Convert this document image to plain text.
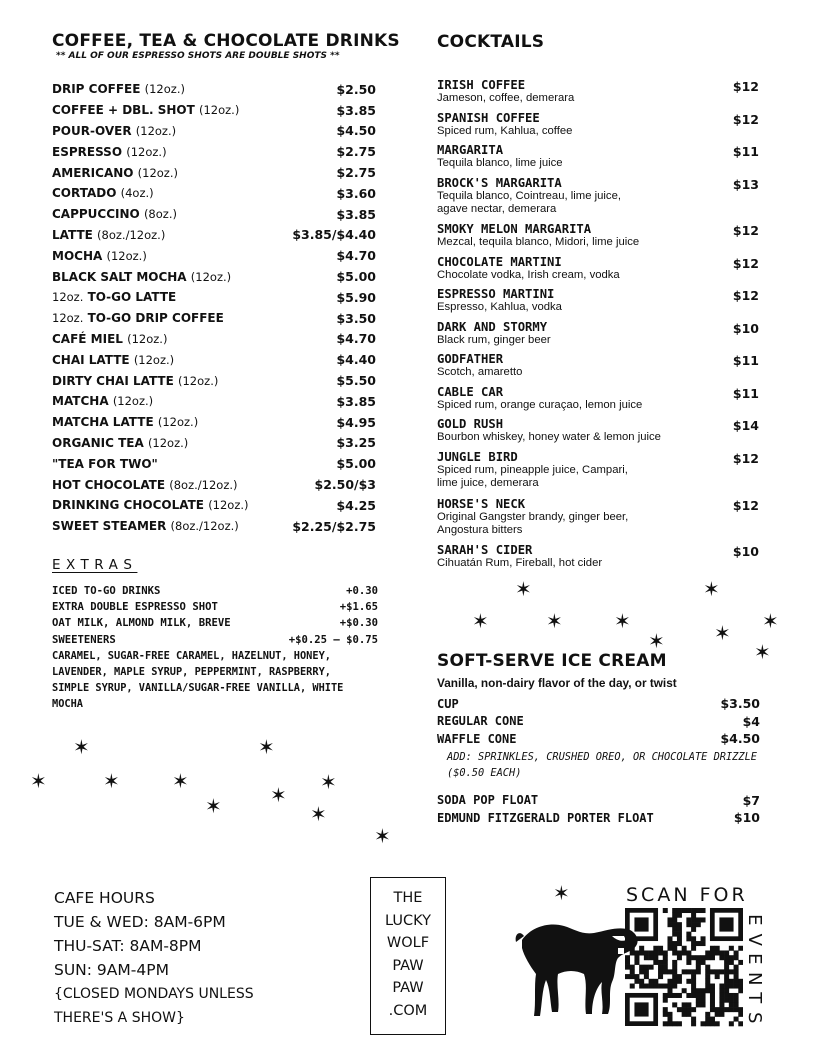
COFFEE, TEA & CHOCOLATE DRINKS
** ALL OF OUR ESPRESSO SHOTS ARE DOUBLE SHOTS **
DRIP COFFEE (12oz.)	$2.50
COFFEE + DBL. SHOT (12oz.)	$3.85
POUR-OVER (12oz.)	$4.50
ESPRESSO (12oz.)	$2.75
AMERICANO (12oz.)	$2.75
CORTADO (4oz.)	$3.60
CAPPUCCINO (8oz.)	$3.85
LATTE (8oz./12oz.)	$3.85/$4.40
MOCHA (12oz.)	$4.70
BLACK SALT MOCHA (12oz.)	$5.00
12oz. TO-GO LATTE	$5.90
12oz. TO-GO DRIP COFFEE	$3.50
CAFÉ MIEL (12oz.)	$4.70
CHAI LATTE (12oz.)	$4.40
DIRTY CHAI LATTE (12oz.)	$5.50
MATCHA (12oz.)	$3.85
MATCHA LATTE (12oz.)	$4.95
ORGANIC TEA (12oz.)	$3.25
"TEA FOR TWO"	$5.00
HOT CHOCOLATE (8oz./12oz.)	$2.50/$3
DRINKING CHOCOLATE (12oz.)	$4.25
SWEET STEAMER (8oz./12oz.)	$2.25/$2.75
EXTRAS
ICED TO-GO DRINKS	+0.30
EXTRA DOUBLE ESPRESSO SHOT	+$1.65
OAT MILK, ALMOND MILK, BREVE	+$0.30
SWEETENERS	+$0.25 – $0.75
CARAMEL, SUGAR-FREE CARAMEL, HAZELNUT, HONEY, LAVENDER, MAPLE SYRUP, PEPPERMINT, RASPBERRY, SIMPLE SYRUP, VANILLA/SUGAR-FREE VANILLA, WHITE MOCHA
COCKTAILS
IRISH COFFEE
Jameson, coffee, demerara
$12
SPANISH COFFEE
Spiced rum, Kahlua, coffee
$12
MARGARITA
Tequila blanco, lime juice
$11
BROCK'S MARGARITA
Tequila blanco, Cointreau, lime juice,
agave nectar, demerara
$13
SMOKY MELON MARGARITA
Mezcal, tequila blanco, Midori, lime juice
$12
CHOCOLATE MARTINI
Chocolate vodka, Irish cream, vodka
$12
ESPRESSO MARTINI
Espresso, Kahlua, vodka
$12
DARK AND STORMY
Black rum, ginger beer
$10
GODFATHER
Scotch, amaretto
$11
CABLE CAR
Spiced rum, orange curaçao, lemon juice
$11
GOLD RUSH
Bourbon whiskey, honey water & lemon juice
$14
JUNGLE BIRD
Spiced rum, pineapple juice, Campari,
lime juice, demerara
$12
HORSE'S NECK
Original Gangster brandy, ginger beer,
Angostura bitters
$12
SARAH'S CIDER
Cihuatán Rum, Fireball, hot cider
$10
SOFT-SERVE ICE CREAM
Vanilla, non-dairy flavor of the day, or twist
CUP	$3.50
REGULAR CONE	$4
WAFFLE CONE	$4.50
ADD: SPRINKLES, CRUSHED OREO, OR CHOCOLATE DRIZZLE
($0.50 EACH)
SODA POP FLOAT	$7
EDMUND FITZGERALD PORTER FLOAT	$10
CAFE HOURS
TUE & WED: 8AM-6PM
THU-SAT: 8AM-8PM
SUN: 9AM-4PM
{CLOSED MONDAYS UNLESS
THERE'S A SHOW}
THE
LUCKY
WOLF
PAW
PAW
.COM
SCAN FOR
E
V
E
N
T
S
✶	✶
✶	✶	✶
✶ ✶
✶
✶
✶
✶	✶
✶	✶	✶
✶ ✶
✶
✶
✶
